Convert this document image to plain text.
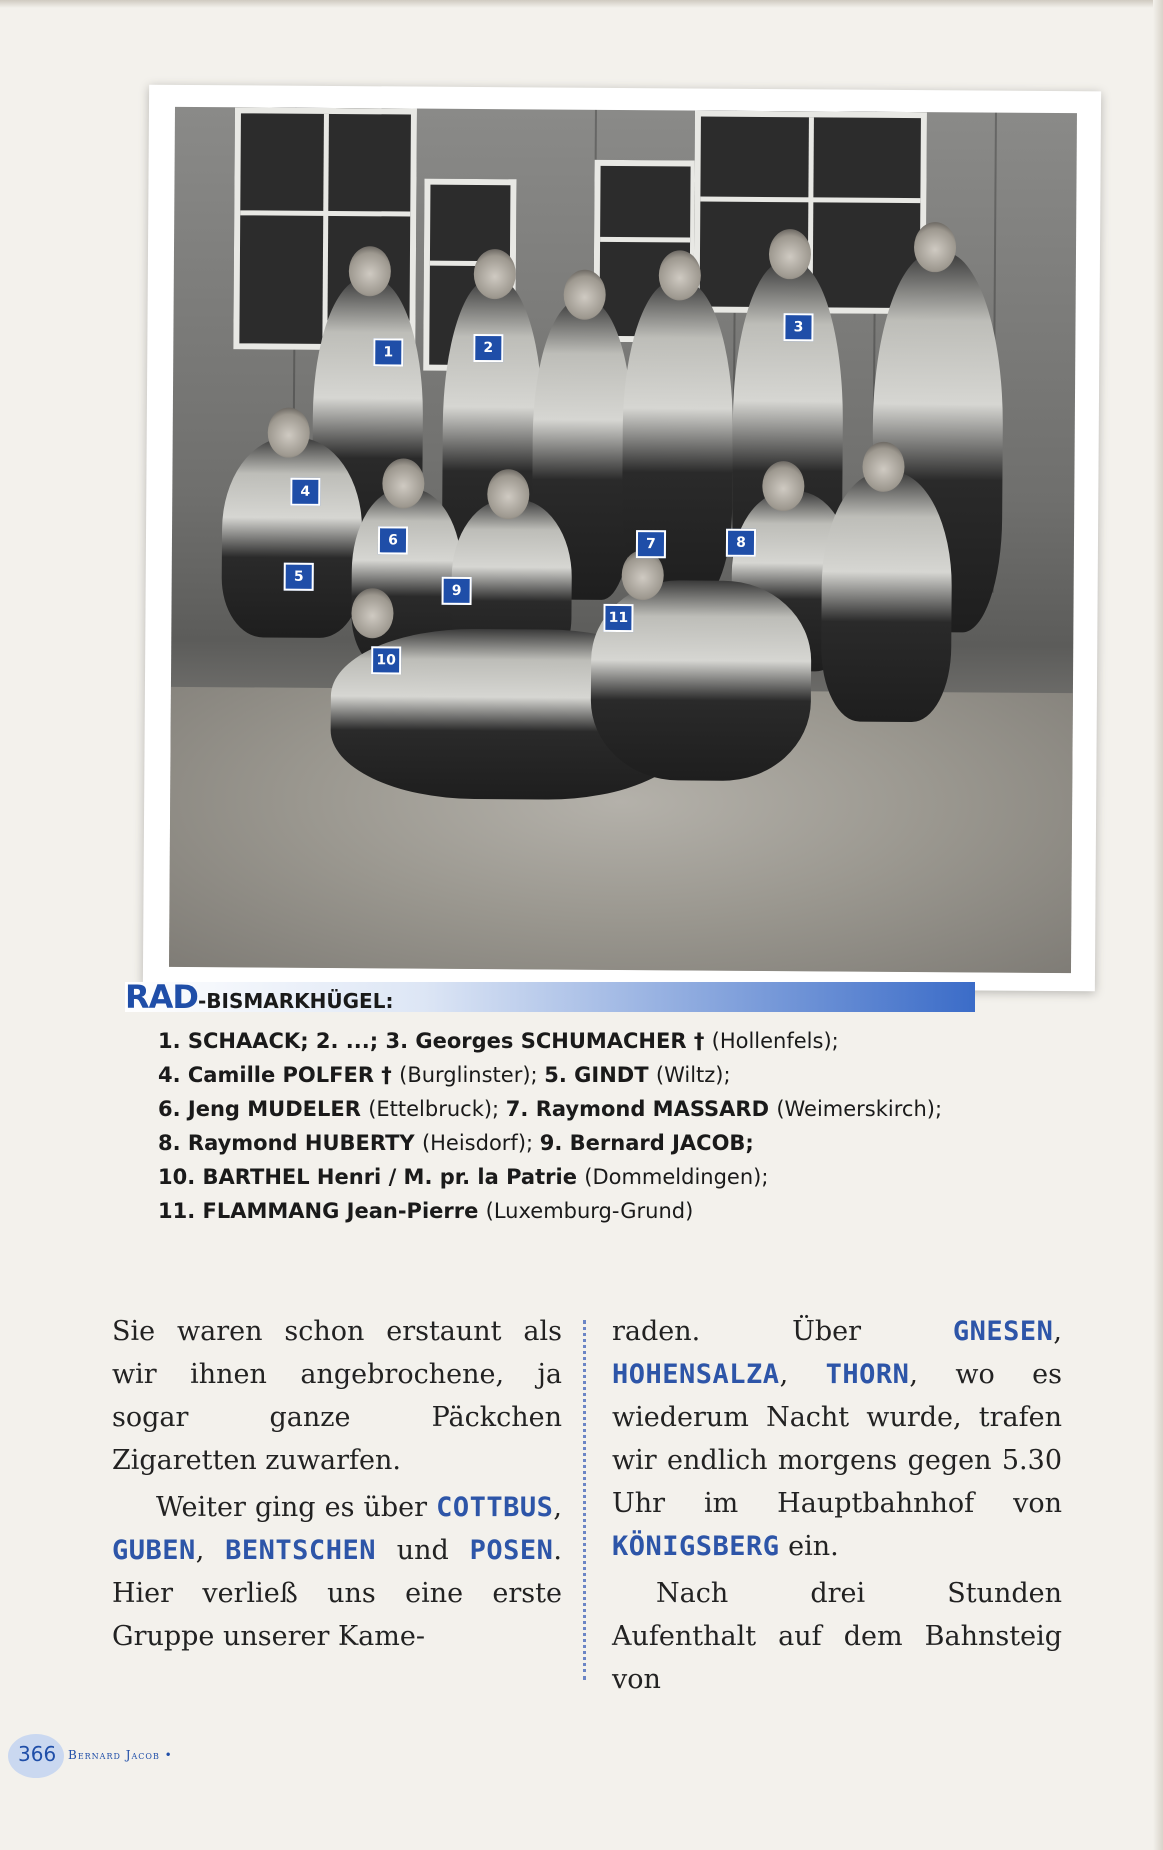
1	2
3
4
5
6	7	8
9
10
11
RAD-BISMARKHÜGEL:
1. SCHAACK; 2. ...; 3. Georges SCHUMACHER † (Hollenfels);
4. Camille POLFER † (Burglinster); 5. GINDT (Wiltz);
6. Jeng MUDELER (Ettelbruck); 7. Raymond MASSARD (Weimerskirch);
8. Raymond HUBERTY (Heisdorf); 9. Bernard JACOB;
10. BARTHEL Henri / M. pr. la Patrie (Dommeldingen);
11. FLAMMANG Jean-Pierre (Luxemburg-Grund)

Sie waren schon erstaunt als wir ihnen angebrochene, ja sogar ganze Päckchen Zigaretten zuwarfen.

Weiter ging es über COTTBUS, GUBEN, BENTSCHEN und POSEN. Hier verließ uns eine erste Gruppe unserer Kame-

raden. Über GNESEN, HOHENSALZA, THORN, wo es wiederum Nacht wurde, trafen wir endlich morgens gegen 5.30 Uhr im Hauptbahnhof von KÖNIGSBERG ein.

Nach drei Stunden Aufenthalt auf dem Bahnsteig von

366 Bernard Jacob •
